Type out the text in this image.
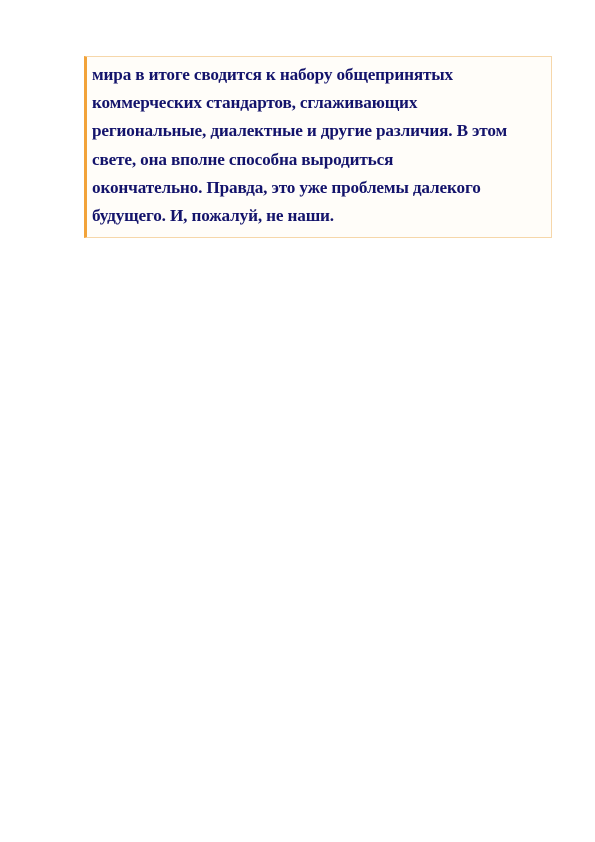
мира в итоге сводится к набору общепринятых
коммерческих стандартов, сглаживающих
региональные, диалектные и другие различия. В этом
свете, она вполне способна выродиться
окончательно. Правда, это уже проблемы далекого
будущего. И, пожалуй, не наши.
